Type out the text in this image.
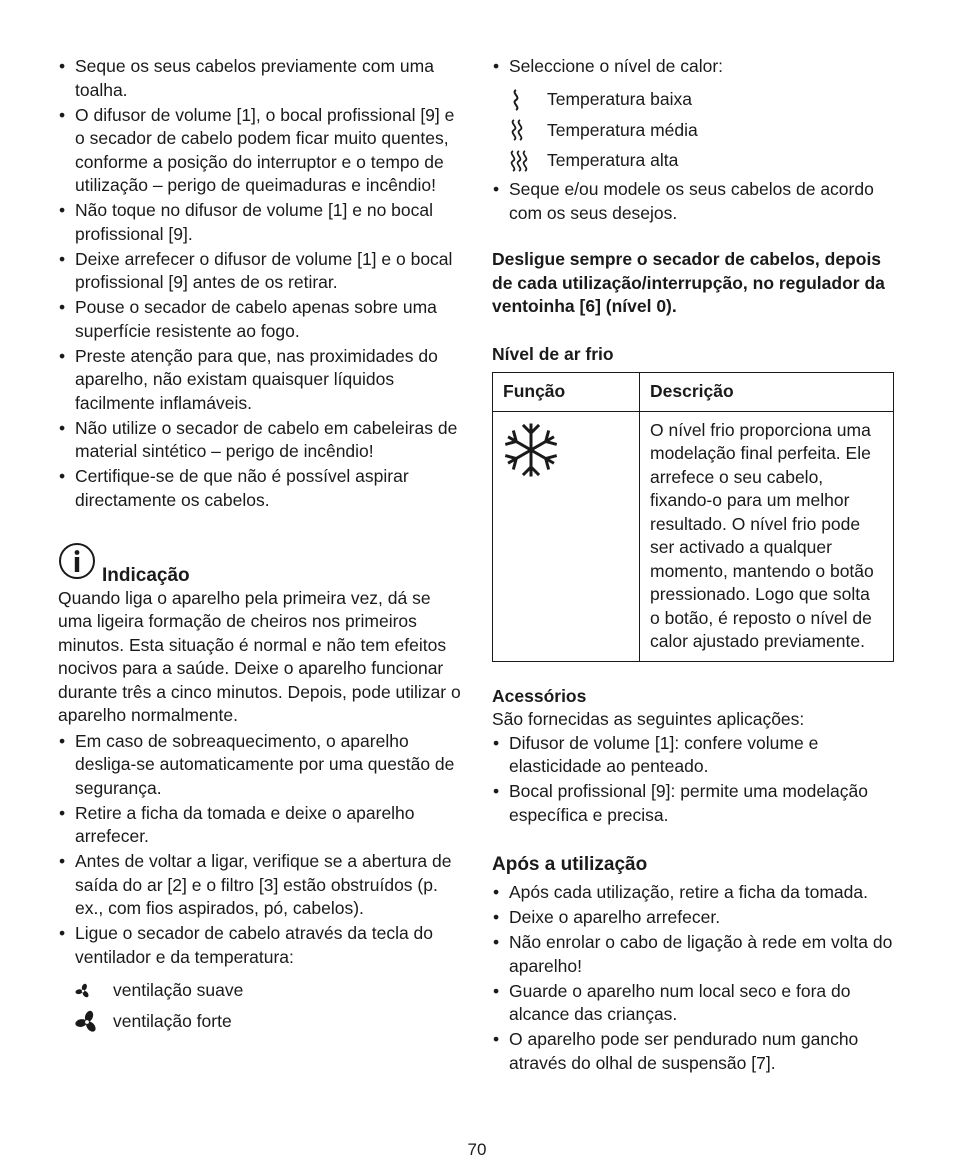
• Seque os seus cabelos previamente com uma toalha.
• O difusor de volume [1], o bocal profissional [9] e o secador de cabelo podem ficar muito quentes, conforme a posição do interruptor e o tempo de utilização – perigo de queimaduras e incêndio!
• Não toque no difusor de volume [1] e no bocal profissional [9].
• Deixe arrefecer o difusor de volume [1] e o bocal profissional [9] antes de os retirar.
• Pouse o secador de cabelo apenas sobre uma superfície resistente ao fogo.
• Preste atenção para que, nas proximidades do aparelho, não existam quaisquer líquidos facilmente inflamáveis.
• Não utilize o secador de cabelo em cabeleiras de material sintético – perigo de incêndio!
• Certifique-se de que não é possível aspirar directamente os cabelos.
Indicação

Quando liga o aparelho pela primeira vez, dá se uma ligeira formação de cheiros nos primeiros minutos. Esta situação é normal e não tem efeitos nocivos para a saúde. Deixe o aparelho funcionar durante três a cinco minutos. Depois, pode utilizar o aparelho normalmente.

• Em caso de sobreaquecimento, o aparelho desliga-se automaticamente por uma questão de segurança.
• Retire a ficha da tomada e deixe o aparelho arrefecer.
• Antes de voltar a ligar, verifique se a abertura de saída do ar [2] e o filtro [3] estão obstruídos (p. ex., com fios aspirados, pó, cabelos).
• Ligue o secador de cabelo através da tecla do ventilador e da temperatura:
ventilação suave
ventilação forte
• Seleccione o nível de calor:
Temperatura baixa
Temperatura média
Temperatura alta
• Seque e/ou modele os seus cabelos de acordo com os seus desejos.

Desligue sempre o secador de cabelos, depois de cada utilização/interrupção, no regulador da ventoinha [6] (nível 0).

Nível de ar frio

Função	Descrição

	O nível frio proporciona uma modelação final perfeita. Ele arrefece o seu cabelo, fixando-o para um melhor resultado. O nível frio pode ser activado a qualquer momento, mantendo o botão pressionado. Logo que solta o botão, é reposto o nível de calor ajustado previamente.

Acessórios

São fornecidas as seguintes aplicações:

• Difusor de volume [1]: confere volume e elasticidade ao penteado.
• Bocal profissional [9]: permite uma modelação específica e precisa.
Após a utilização
• Após cada utilização, retire a ficha da tomada.
• Deixe o aparelho arrefecer.
• Não enrolar o cabo de ligação à rede em volta do aparelho!
• Guarde o aparelho num local seco e fora do alcance das crianças.
• O aparelho pode ser pendurado num gancho através do olhal de suspensão [7].
70
